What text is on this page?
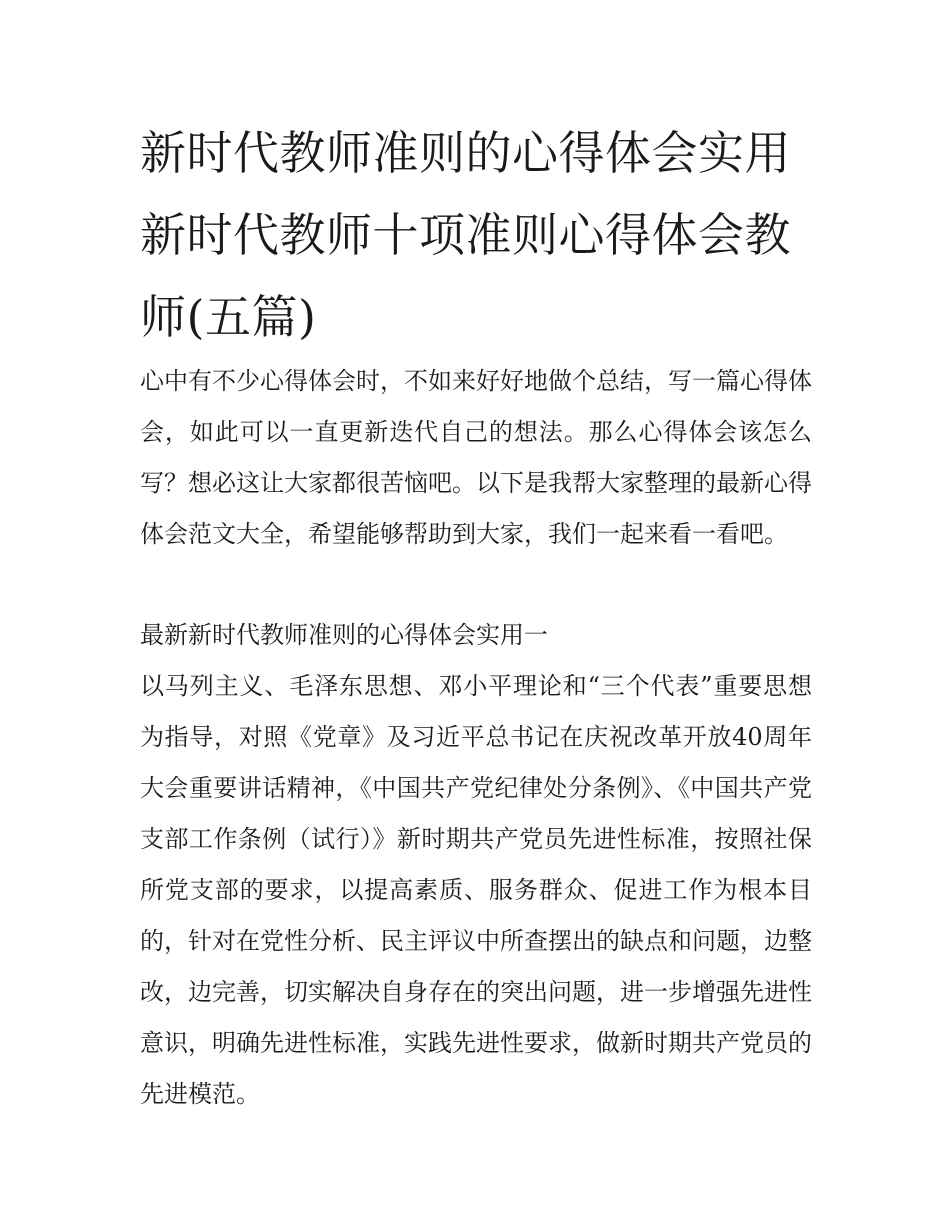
新时代教师准则的心得体会实用 新时代教师十项准则心得体会教师(五篇)

心中有不少心得体会时，不如来好好地做个总结，写一篇心得体会，如此可以一直更新迭代自己的想法。那么心得体会该怎么写？想必这让大家都很苦恼吧。以下是我帮大家整理的最新心得体会范文大全，希望能够帮助到大家，我们一起来看一看吧。

最新新时代教师准则的心得体会实用一

以马列主义、毛泽东思想、邓小平理论和“三个代表”重要思想为指导，对照《党章》及习近平总书记在庆祝改革开放40周年大会重要讲话精神，《中国共产党纪律处分条例》、《中国共产党支部工作条例（试行）》新时期共产党员先进性标准，按照社保所党支部的要求，以提高素质、服务群众、促进工作为根本目的，针对在党性分析、民主评议中所查摆出的缺点和问题，边整改，边完善，切实解决自身存在的突出问题，进一步增强先进性意识，明确先进性标准，实践先进性要求，做新时期共产党员的先进模范。
